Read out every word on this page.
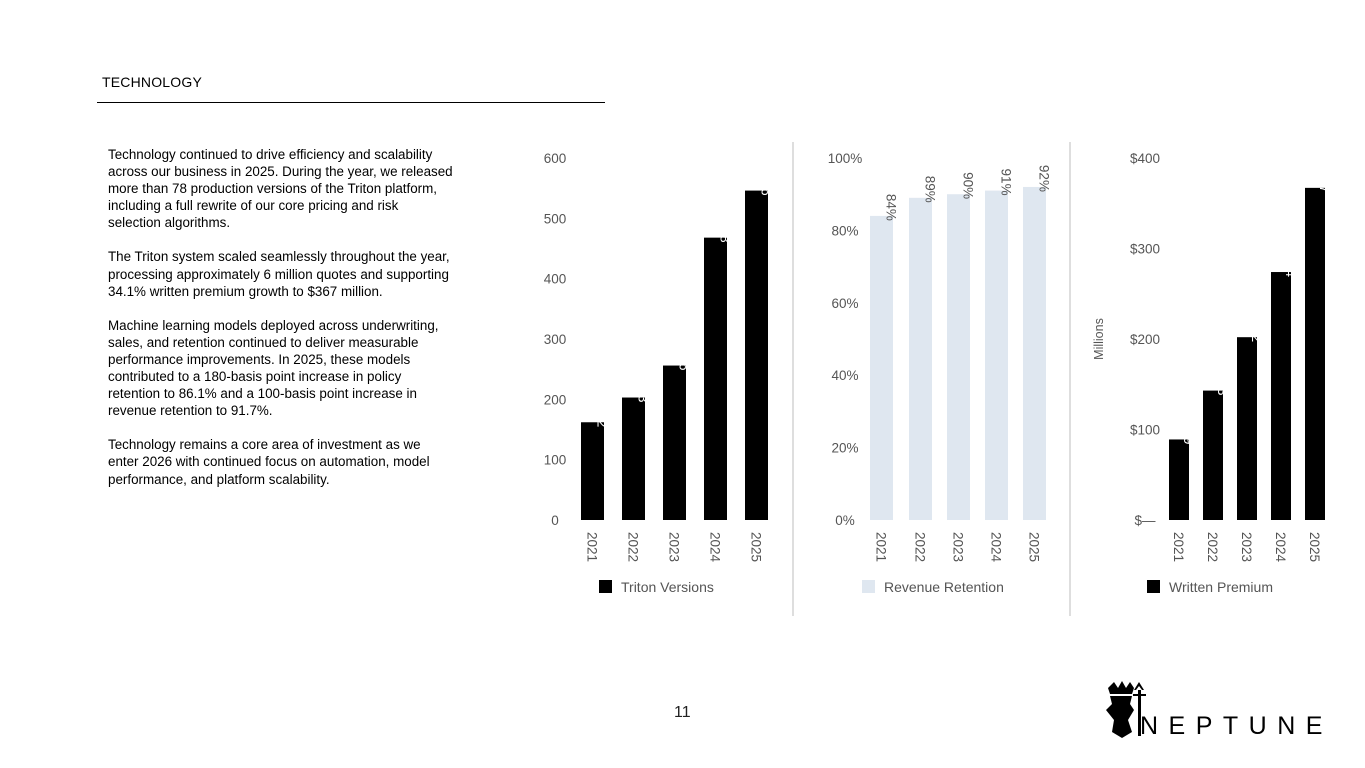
TECHNOLOGY

Technology continued to drive efficiency and scalability across our business in 2025. During the year, we released more than 78 production versions of the Triton platform, including a full rewrite of our core pricing and risk selection algorithms.

The Triton system scaled seamlessly throughout the year, processing approximately 6 million quotes and supporting 34.1% written premium growth to $367 million.

Machine learning models deployed across underwriting, sales, and retention continued to deliver measurable performance improvements. In 2025, these models contributed to a 180-basis point increase in policy retention to 86.1% and a 100-basis point increase in revenue retention to 91.7%.

Technology remains a core area of investment as we enter 2026 with continued focus on automation, model performance, and platform scalability.

0
100
200
300
400
500
600
162
2021
203
2022
256
2023
468
2024
546
2025
Triton Versions
0%
20%
40%
60%
80%
100%
84%
2021
89%
2022
90%
2023
91%
2024
92%
2025
Revenue Retention
$—
$100
$200
$300
$400
Millions
$89
2021
$143
2022
$202
2023
$274
2024
$367
2025
Written Premium
11	NEPTUNE
